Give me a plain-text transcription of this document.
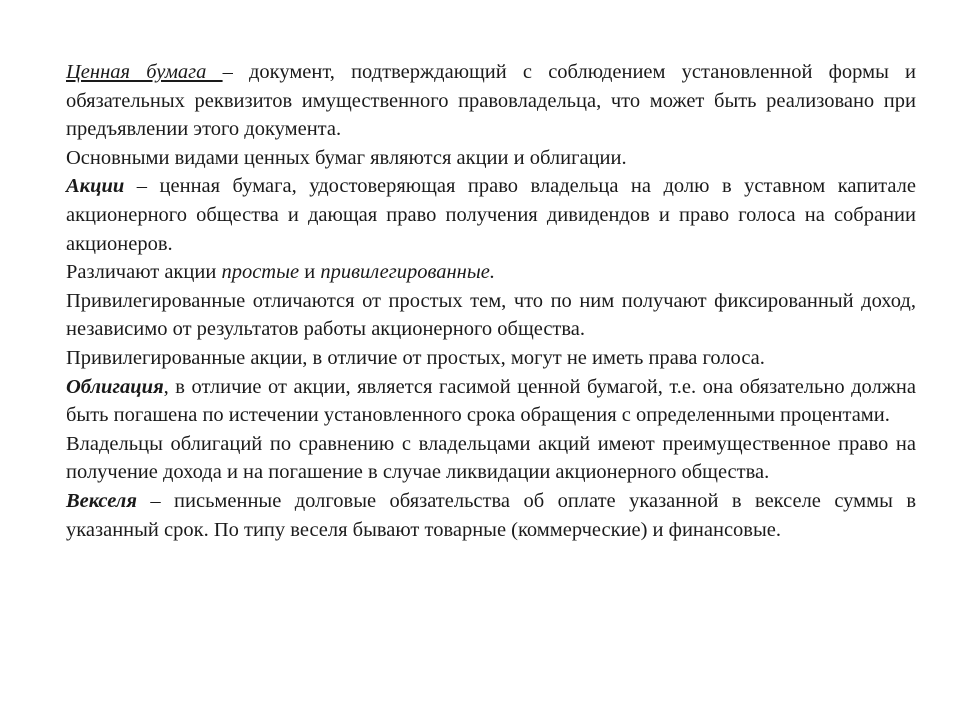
Ценная бумага – документ, подтверждающий с соблюдением установленной формы и обязательных реквизитов имущественного правовладельца, что может быть реализовано при предъявлении этого документа.

Основными видами ценных бумаг являются акции и облигации.

Акции – ценная бумага, удостоверяющая право владельца на долю в уставном капитале акционерного общества и дающая право получения дивидендов и право голоса на собрании акционеров.

Различают акции простые и привилегированные.

Привилегированные отличаются от простых тем, что по ним получают фиксированный доход, независимо от результатов работы акционерного общества.

Привилегированные акции, в отличие от простых, могут не иметь права голоса.

Облигация, в отличие от акции, является гасимой ценной бумагой, т.е. она обязательно должна быть погашена по истечении установленного срока обращения с определенными процентами.

Владельцы облигаций по сравнению с владельцами акций имеют преимущественное право на получение дохода и на погашение в случае ликвидации акционерного общества.

Векселя – письменные долговые обязательства об оплате указанной в векселе суммы в указанный срок. По типу веселя бывают товарные (коммерческие) и финансовые.
